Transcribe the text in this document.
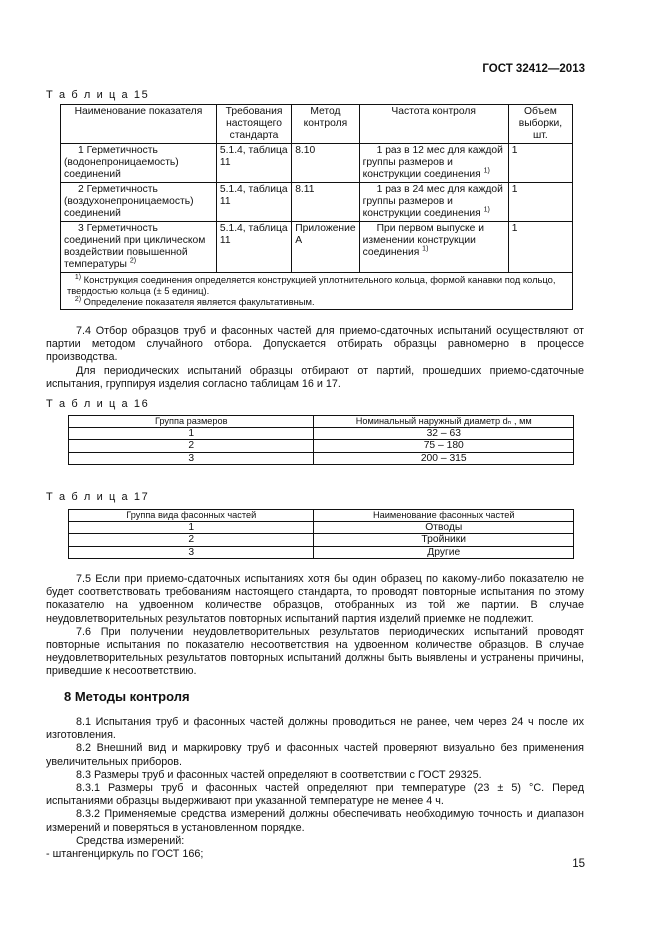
ГОСТ 32412—2013
Т а б л и ц а 15
Наименование показателя	Требования настоящего стандарта	Метод контроля	Частота контроля	Объем выборки, шт.
1 Герметичность (водонепроницаемость) соединений	5.1.4, таблица 11	8.10	1 раз в 12 мес для каждой группы размеров и конструкции соединения $^{1)}$	1
2 Герметичность (воздухонепроницаемость) соединений	5.1.4, таблица 11	8.11	1 раз в 24 мес для каждой группы размеров и конструкции соединения $^{1)}$	1
3 Герметичность соединений при циклическом воздействии повышенной температуры $^{2)}$	5.1.4, таблица 11	Приложение А	При первом выпуске и изменении конструкции соединения $^{1)}$	1

$^{1)}$ Конструкция соединения определяется конструкцией уплотнительного кольца, формой канавки под кольцо, твердостью кольца (± 5 единиц).
$^{2)}$ Определение показателя является факультативным.				

7.4 Отбор образцов труб и фасонных частей для приемо-сдаточных испытаний осуществляют от партии методом случайного отбора. Допускается отбирать образцы равномерно в процессе производства.

Для периодических испытаний образцы отбирают от партий, прошедших приемо-сдаточные испытания, группируя изделия согласно таблицам 16 и 17.

Т а б л и ц а 16
Группа размеров	Номинальный наружный диаметр dₙ , мм
1	32 – 63
2	75 – 180
3	200 – 315
Т а б л и ц а 17
Группа вида фасонных частей	Наименование фасонных частей
1	Отводы
2	Тройники
3	Другие

7.5 Если при приемо-сдаточных испытаниях хотя бы один образец по какому-либо показателю не будет соответствовать требованиям настоящего стандарта, то проводят повторные испытания по этому показателю на удвоенном количестве образцов, отобранных из той же партии. В случае неудовлетворительных результатов повторных испытаний партия изделий приемке не подлежит.

7.6 При получении неудовлетворительных результатов периодических испытаний проводят повторные испытания по показателю несоответствия на удвоенном количестве образцов. В случае неудовлетворительных результатов повторных испытаний должны быть выявлены и устранены причины, приведшие к несоответствию.

8 Методы контроля

8.1 Испытания труб и фасонных частей должны проводиться не ранее, чем через 24 ч после их изготовления.

8.2 Внешний вид и маркировку труб и фасонных частей проверяют визуально без применения увеличительных приборов.

8.3 Размеры труб и фасонных частей определяют в соответствии с ГОСТ 29325.

8.3.1 Размеры труб и фасонных частей определяют при температуре (23 ± 5) °С. Перед испытаниями образцы выдерживают при указанной температуре не менее 4 ч.

8.3.2 Применяемые средства измерений должны обеспечивать необходимую точность и диапазон измерений и поверяться в установленном порядке.

Средства измерений:

- штангенциркуль по ГОСТ 166;

15
